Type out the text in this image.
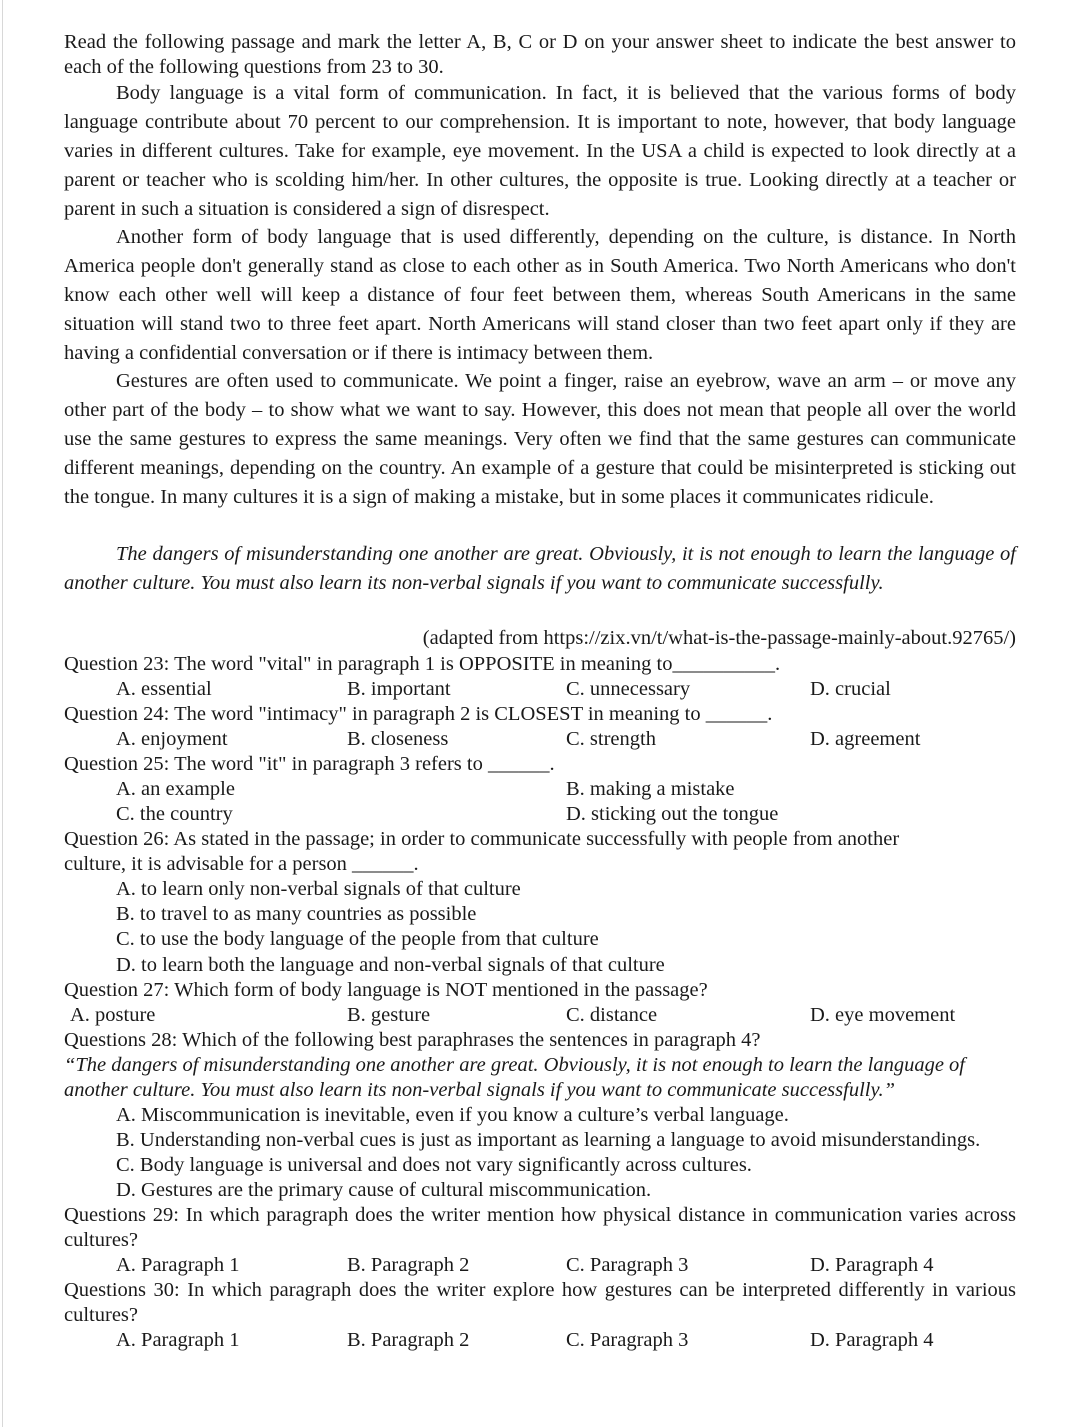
Read the following passage and mark the letter A, B, C or D on your answer sheet to indicate the best answer to each of the following questions from 23 to 30.
Body language is a vital form of communication. In fact, it is believed that the various forms of body language contribute about 70 percent to our comprehension. It is important to note, however, that body language varies in different cultures. Take for example, eye movement. In the USA a child is expected to look directly at a parent or teacher who is scolding him/her. In other cultures, the opposite is true. Looking directly at a teacher or parent in such a situation is considered a sign of disrespect.
Another form of body language that is used differently, depending on the culture, is distance. In North America people don't generally stand as close to each other as in South America. Two North Americans who don't know each other well will keep a distance of four feet between them, whereas South Americans in the same situation will stand two to three feet apart. North Americans will stand closer than two feet apart only if they are having a confidential conversation or if there is intimacy between them.
Gestures are often used to communicate. We point a finger, raise an eyebrow, wave an arm – or move any other part of the body – to show what we want to say. However, this does not mean that people all over the world use the same gestures to express the same meanings. Very often we find that the same gestures can communicate different meanings, depending on the country. An example of a gesture that could be misinterpreted is sticking out the tongue. In many cultures it is a sign of making a mistake, but in some places it communicates ridicule.
The dangers of misunderstanding one another are great. Obviously, it is not enough to learn the language of another culture. You must also learn its non-verbal signals if you want to communicate successfully.
(adapted from https://zix.vn/t/what-is-the-passage-mainly-about.92765/)
Question 23: The word "vital" in paragraph 1 is OPPOSITE in meaning to__________.
A. essential	B. important	C. unnecessary	D. crucial
Question 24: The word "intimacy" in paragraph 2 is CLOSEST in meaning to ______.
A. enjoyment	B. closeness	C. strength	D. agreement
Question 25: The word "it" in paragraph 3 refers to ______.
A. an example	B. making a mistake
C. the country	D. sticking out the tongue
Question 26: As stated in the passage; in order to communicate successfully with people from another
culture, it is advisable for a person ______.
A. to learn only non-verbal signals of that culture
B. to travel to as many countries as possible
C. to use the body language of the people from that culture
D. to learn both the language and non-verbal signals of that culture
Question 27: Which form of body language is NOT mentioned in the passage?
A. posture	B. gesture	C. distance	D. eye movement
Questions 28: Which of the following best paraphrases the sentences in paragraph 4?
“The dangers of misunderstanding one another are great. Obviously, it is not enough to learn the language of
another culture. You must also learn its non-verbal signals if you want to communicate successfully.”
A. Miscommunication is inevitable, even if you know a culture’s verbal language.
B. Understanding non-verbal cues is just as important as learning a language to avoid misunderstandings.
C. Body language is universal and does not vary significantly across cultures.
D. Gestures are the primary cause of cultural miscommunication.
Questions 29: In which paragraph does the writer mention how physical distance in communication varies across cultures?
A. Paragraph 1	B. Paragraph 2	C. Paragraph 3	D. Paragraph 4
Questions 30: In which paragraph does the writer explore how gestures can be interpreted differently in various cultures?
A. Paragraph 1	B. Paragraph 2	C. Paragraph 3	D. Paragraph 4
